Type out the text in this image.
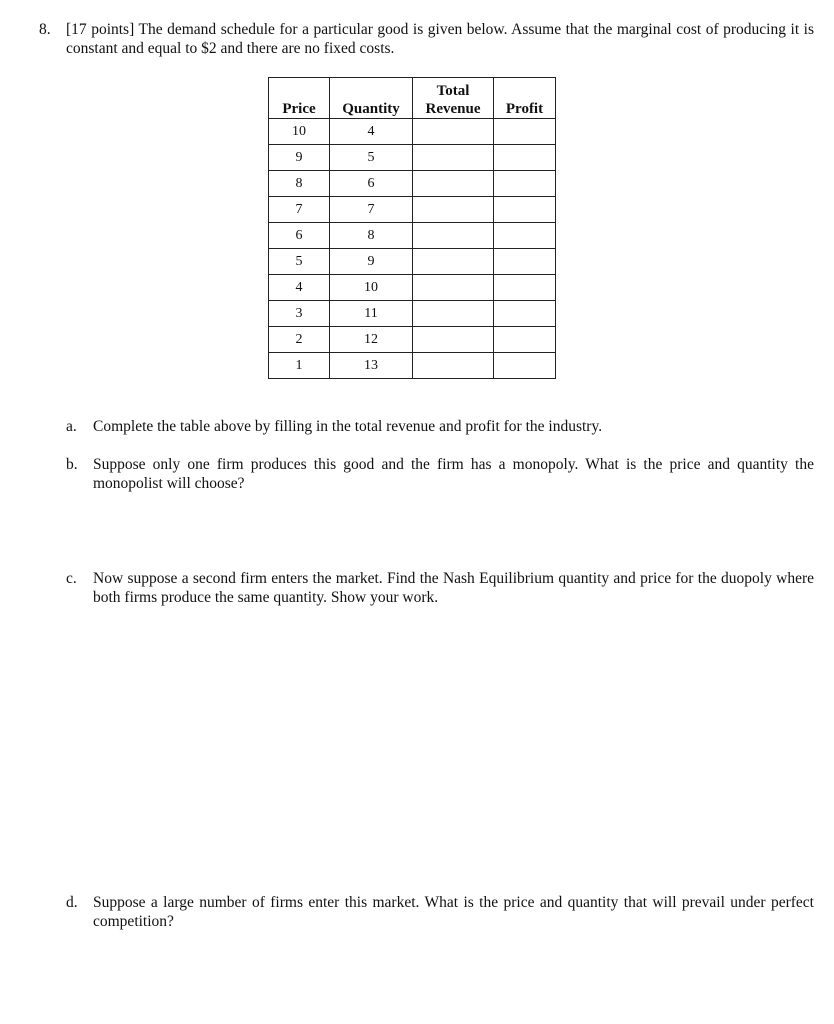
8. [17 points] The demand schedule for a particular good is given below. Assume that the marginal cost of producing it is constant and equal to $2 and there are no fixed costs.
Price	Quantity	Total Revenue	Profit
10	4		
9	5		
8	6		
7	7		
6	8		
5	9		
4	10		
3	11		
2	12		
1	13		
a. Complete the table above by filling in the total revenue and profit for the industry.
b. Suppose only one firm produces this good and the firm has a monopoly. What is the price and quantity the monopolist will choose?
c. Now suppose a second firm enters the market. Find the Nash Equilibrium quantity and price for the duopoly where both firms produce the same quantity. Show your work.
d. Suppose a large number of firms enter this market. What is the price and quantity that will prevail under perfect competition?
